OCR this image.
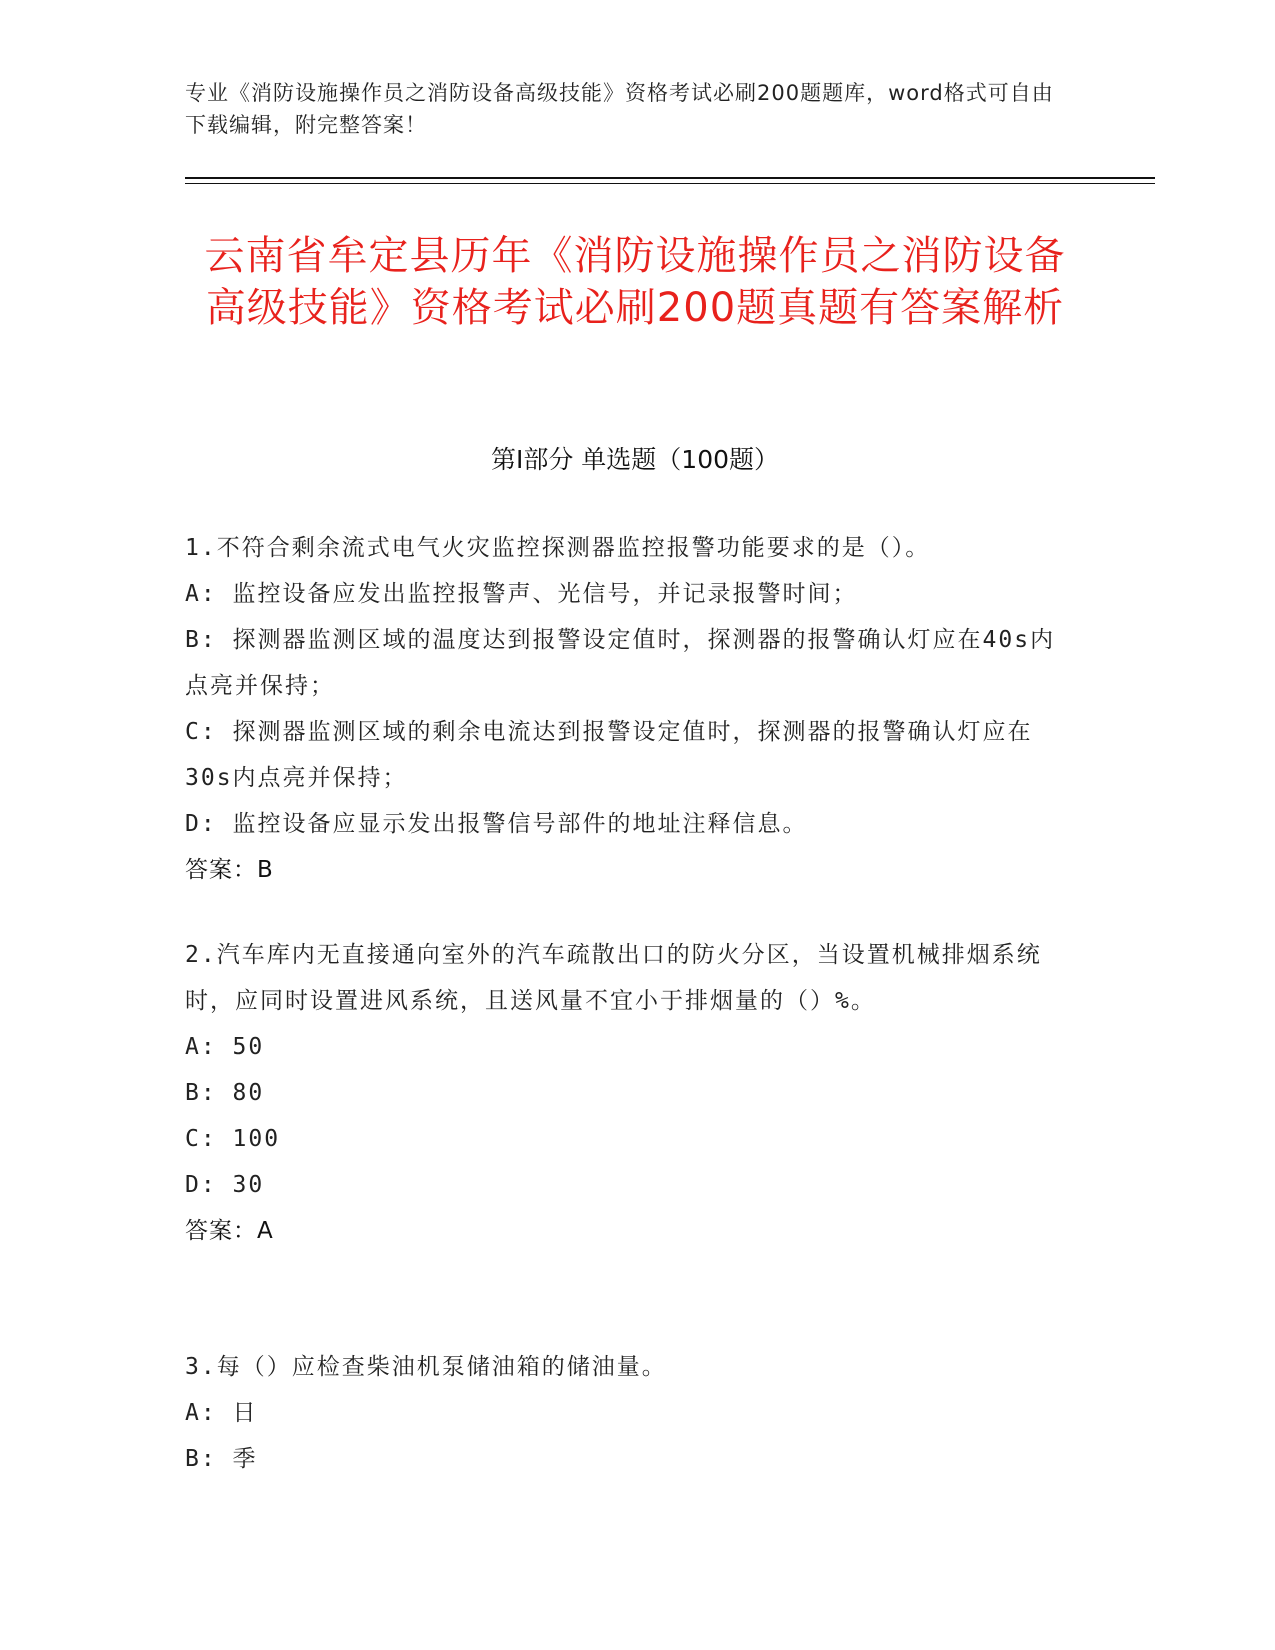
专业《消防设施操作员之消防设备高级技能》资格考试必刷200题题库，word格式可自由下载编辑，附完整答案！
云南省牟定县历年《消防设施操作员之消防设备高级技能》资格考试必刷200题真题有答案解析
第I部分 单选题（100题）
1.不符合剩余流式电气火灾监控探测器监控报警功能要求的是（）。
A: 监控设备应发出监控报警声、光信号，并记录报警时间；
B: 探测器监测区域的温度达到报警设定值时，探测器的报警确认灯应在40s内点亮并保持；
C: 探测器监测区域的剩余电流达到报警设定值时，探测器的报警确认灯应在30s内点亮并保持；
D: 监控设备应显示发出报警信号部件的地址注释信息。
答案：B
2.汽车库内无直接通向室外的汽车疏散出口的防火分区，当设置机械排烟系统时，应同时设置进风系统，且送风量不宜小于排烟量的（）%。
A: 50
B: 80
C: 100
D: 30
答案：A
3.每（）应检查柴油机泵储油箱的储油量。
A: 日
B: 季
